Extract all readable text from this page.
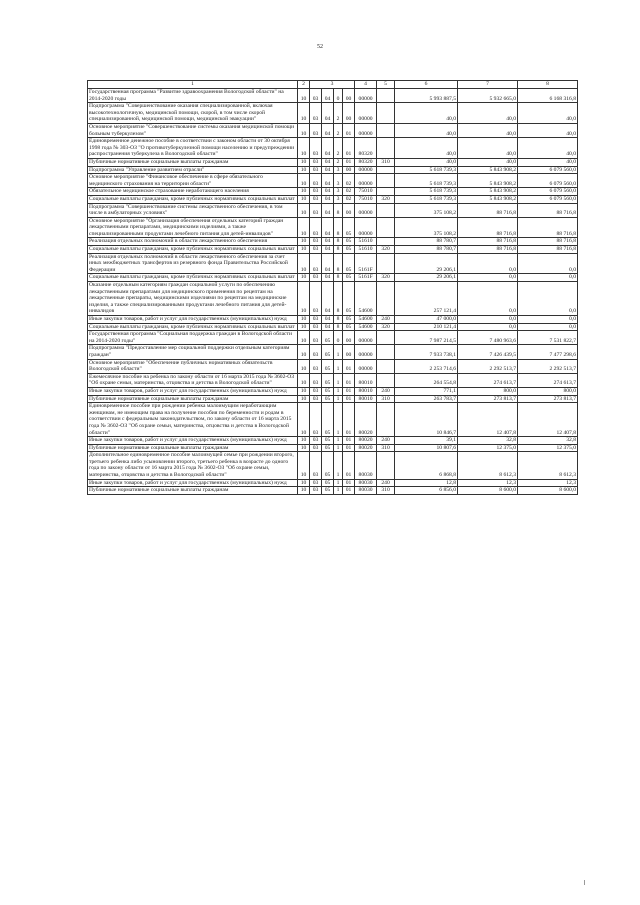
52
1	2	3				4	5	6	7	8
Государственная программа "Развитие здравоохранения Вологодской области" на 2014-2020 годы	10	03	04	0	00	00000		5 993 887,5	5 932 665,0	6 168 316,8
Подпрограмма "Совершенствование оказания специализированной, включая высокотехнологичную, медицинской помощи, скорой, в том числе скорой специализированной, медицинской помощи, медицинской эвакуации"	10	03	04	2	00	00000		40,0	40,0	40,0
Основное мероприятие "Совершенствование системы оказания медицинской помощи больным туберкулезом"	10	03	04	2	01	00000		40,0	40,0	40,0
Единовременное денежное пособие в соответствии с законом области от 30 октября 1998 года № 303-ОЗ "О противотуберкулезной помощи населению и предупреждении распространения туберкулеза в Вологодской области"	10	03	04	2	01	80320		40,0	40,0	40,0
Публичные нормативные социальные выплаты гражданам	10	03	04	2	01	80320	310	40,0	40,0	40,0
Подпрограмма "Управление развитием отрасли"	10	03	04	3	00	00000		5 618 739,3	5 843 908,2	6 079 560,0
Основное мероприятие "Финансовое обеспечение в сфере обязательного медицинского страхования на территории области"	10	03	04	3	02	00000		5 618 739,3	5 843 908,2	6 079 560,0
Обязательное медицинское страхование неработающего населения	10	03	04	3	02	75010		5 618 739,3	5 843 908,2	6 079 560,0
Социальные выплаты гражданам, кроме публичных нормативных социальных выплат	10	03	04	3	02	75010	320	5 618 739,3	5 843 908,2	6 079 560,0
Подпрограмма "Совершенствование системы лекарственного обеспечения, в том числе в амбулаторных условиях"	10	03	04	8	00	00000		375 108,2	88 716,8	88 716,8
Основное мероприятие "Организация обеспечения отдельных категорий граждан лекарственными препаратами, медицинскими изделиями, а также специализированными продуктами лечебного питания для детей-инвалидов"	10	03	04	8	05	00000		375 108,2	88 716,8	88 716,8
Реализация отдельных полномочий в области лекарственного обеспечения	10	03	04	8	05	51610		88 780,7	88 716,8	88 716,8
Социальные выплаты гражданам, кроме публичных нормативных социальных выплат	10	03	04	8	05	51610	320	88 780,7	88 716,8	88 716,8
Реализация отдельных полномочий в области лекарственного обеспечения за счет иных межбюджетных трансфертов из резервного фонда Правительства Российской Федерации	10	03	04	8	05	5161F		29 206,1	0,0	0,0
Социальные выплаты гражданам, кроме публичных нормативных социальных выплат	10	03	04	8	05	5161F	320	29 206,1	0,0	0,0
Оказание отдельным категориям граждан социальной услуги по обеспечению лекарственными препаратами для медицинского применения по рецептам на лекарственные препараты, медицинскими изделиями по рецептам на медицинские изделия, а также специализированными продуктами лечебного питания для детей-инвалидов	10	03	04	8	05	54600		257 121,4	0,0	0,0
Иные закупки товаров, работ и услуг для государственных (муниципальных) нужд	10	03	04	8	05	54600	240	47 000,0	0,0	0,0
Социальные выплаты гражданам, кроме публичных нормативных социальных выплат	10	03	04	8	05	54600	320	210 121,4	0,0	0,0
Государственная программа "Социальная поддержка граждан в Вологодской области на 2014-2020 годы"	10	03	05	0	00	00000		7 987 214,5	7 480 963,6	7 531 822,7
Подпрограмма "Предоставление мер социальной поддержки отдельным категориям граждан"	10	03	05	1	00	00000		7 933 738,1	7 426 439,5	7 477 298,6
Основное мероприятие "Обеспечение публичных нормативных обязательств Вологодской области"	10	03	05	1	01	00000		2 253 714,6	2 292 513,7	2 292 513,7
Ежемесячное пособие на ребенка по закону области от 16 марта 2015 года № 3602-ОЗ "Об охране семьи, материнства, отцовства и детства в Вологодской области"	10	03	05	1	01	80010		264 554,8	274 613,7	274 613,7
Иные закупки товаров, работ и услуг для государственных (муниципальных) нужд	10	03	05	1	01	80010	240	771,1	800,0	800,0
Публичные нормативные социальные выплаты гражданам	10	03	05	1	01	80010	310	263 783,7	273 813,7	273 813,7
Единовременное пособие при рождении ребенка малоимущим неработающим женщинам, не имеющим права на получение пособия по беременности и родам в соответствии с федеральным законодательством, по закону области от 16 марта 2015 года № 3602-ОЗ "Об охране семьи, материнства, отцовства и детства в Вологодской области"	10	03	05	1	01	80020		10 846,7	12 407,8	12 407,8
Иные закупки товаров, работ и услуг для государственных (муниципальных) нужд	10	03	05	1	01	80020	240	39,1	32,8	32,8
Публичные нормативные социальные выплаты гражданам	10	03	05	1	01	80020	310	10 807,6	12 375,0	12 375,0
Дополнительное единовременное пособие малоимущей семье при рождении второго, третьего ребенка либо усыновлении второго, третьего ребенка в возрасте до одного года по закону области от 16 марта 2015 года № 3602-ОЗ "Об охране семьи, материнства, отцовства и детства в Вологодской области"	10	03	05	1	01	80030		6 868,8	8 612,3	8 612,3
Иные закупки товаров, работ и услуг для государственных (муниципальных) нужд	10	03	05	1	01	80030	240	12,8	12,3	12,3
Публичные нормативные социальные выплаты гражданам	10	03	05	1	01	80030	310	6 856,0	8 600,0	8 600,0
